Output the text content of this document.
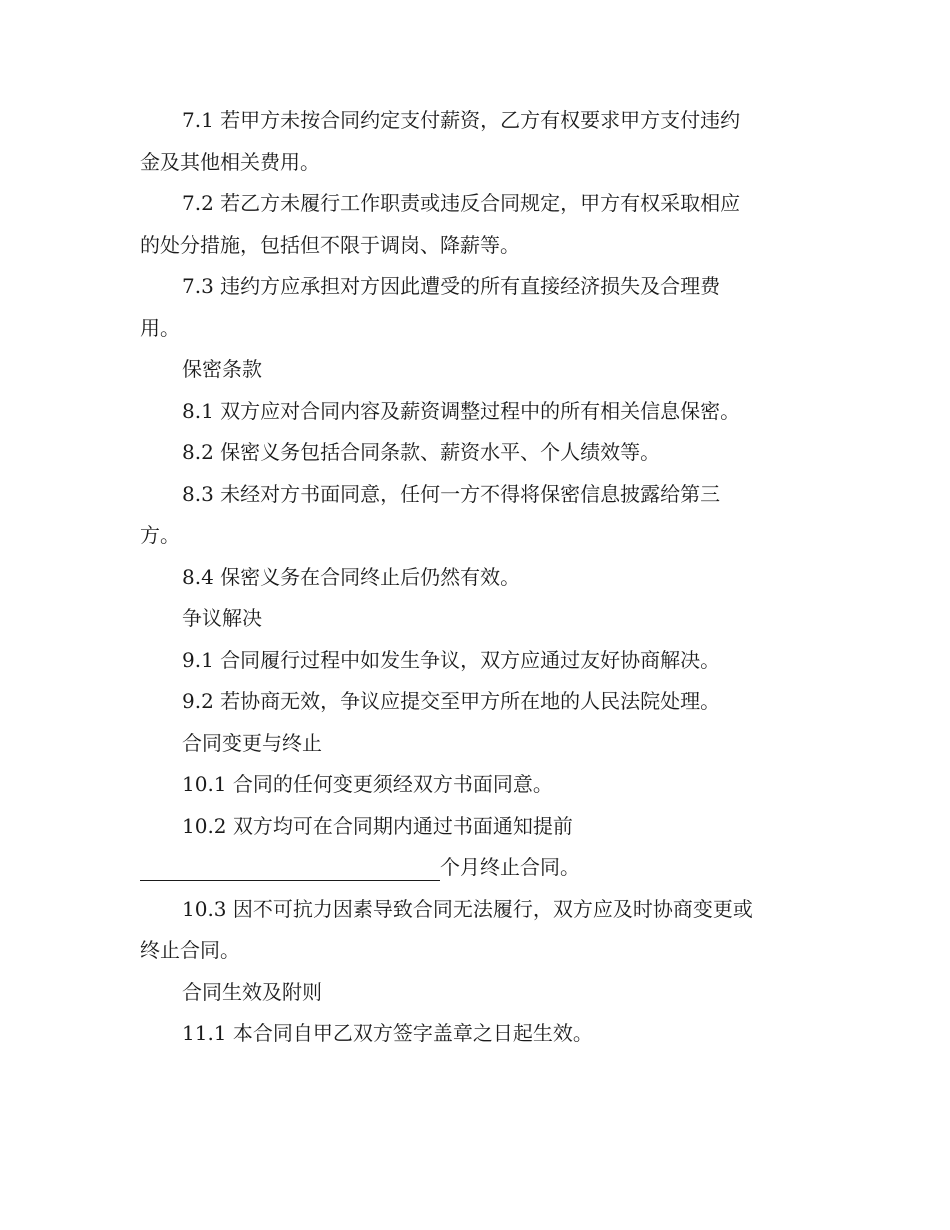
7.1 若甲方未按合同约定支付薪资，乙方有权要求甲方支付违约

金及其他相关费用。

7.2 若乙方未履行工作职责或违反合同规定，甲方有权采取相应

的处分措施，包括但不限于调岗、降薪等。

7.3 违约方应承担对方因此遭受的所有直接经济损失及合理费

用。

保密条款

8.1 双方应对合同内容及薪资调整过程中的所有相关信息保密。

8.2 保密义务包括合同条款、薪资水平、个人绩效等。

8.3 未经对方书面同意，任何一方不得将保密信息披露给第三

方。

8.4 保密义务在合同终止后仍然有效。

争议解决

9.1 合同履行过程中如发生争议，双方应通过友好协商解决。

9.2 若协商无效，争议应提交至甲方所在地的人民法院处理。

合同变更与终止

10.1 合同的任何变更须经双方书面同意。

10.2 双方均可在合同期内通过书面通知提前

个月终止合同。

10.3 因不可抗力因素导致合同无法履行，双方应及时协商变更或

终止合同。

合同生效及附则

11.1 本合同自甲乙双方签字盖章之日起生效。
